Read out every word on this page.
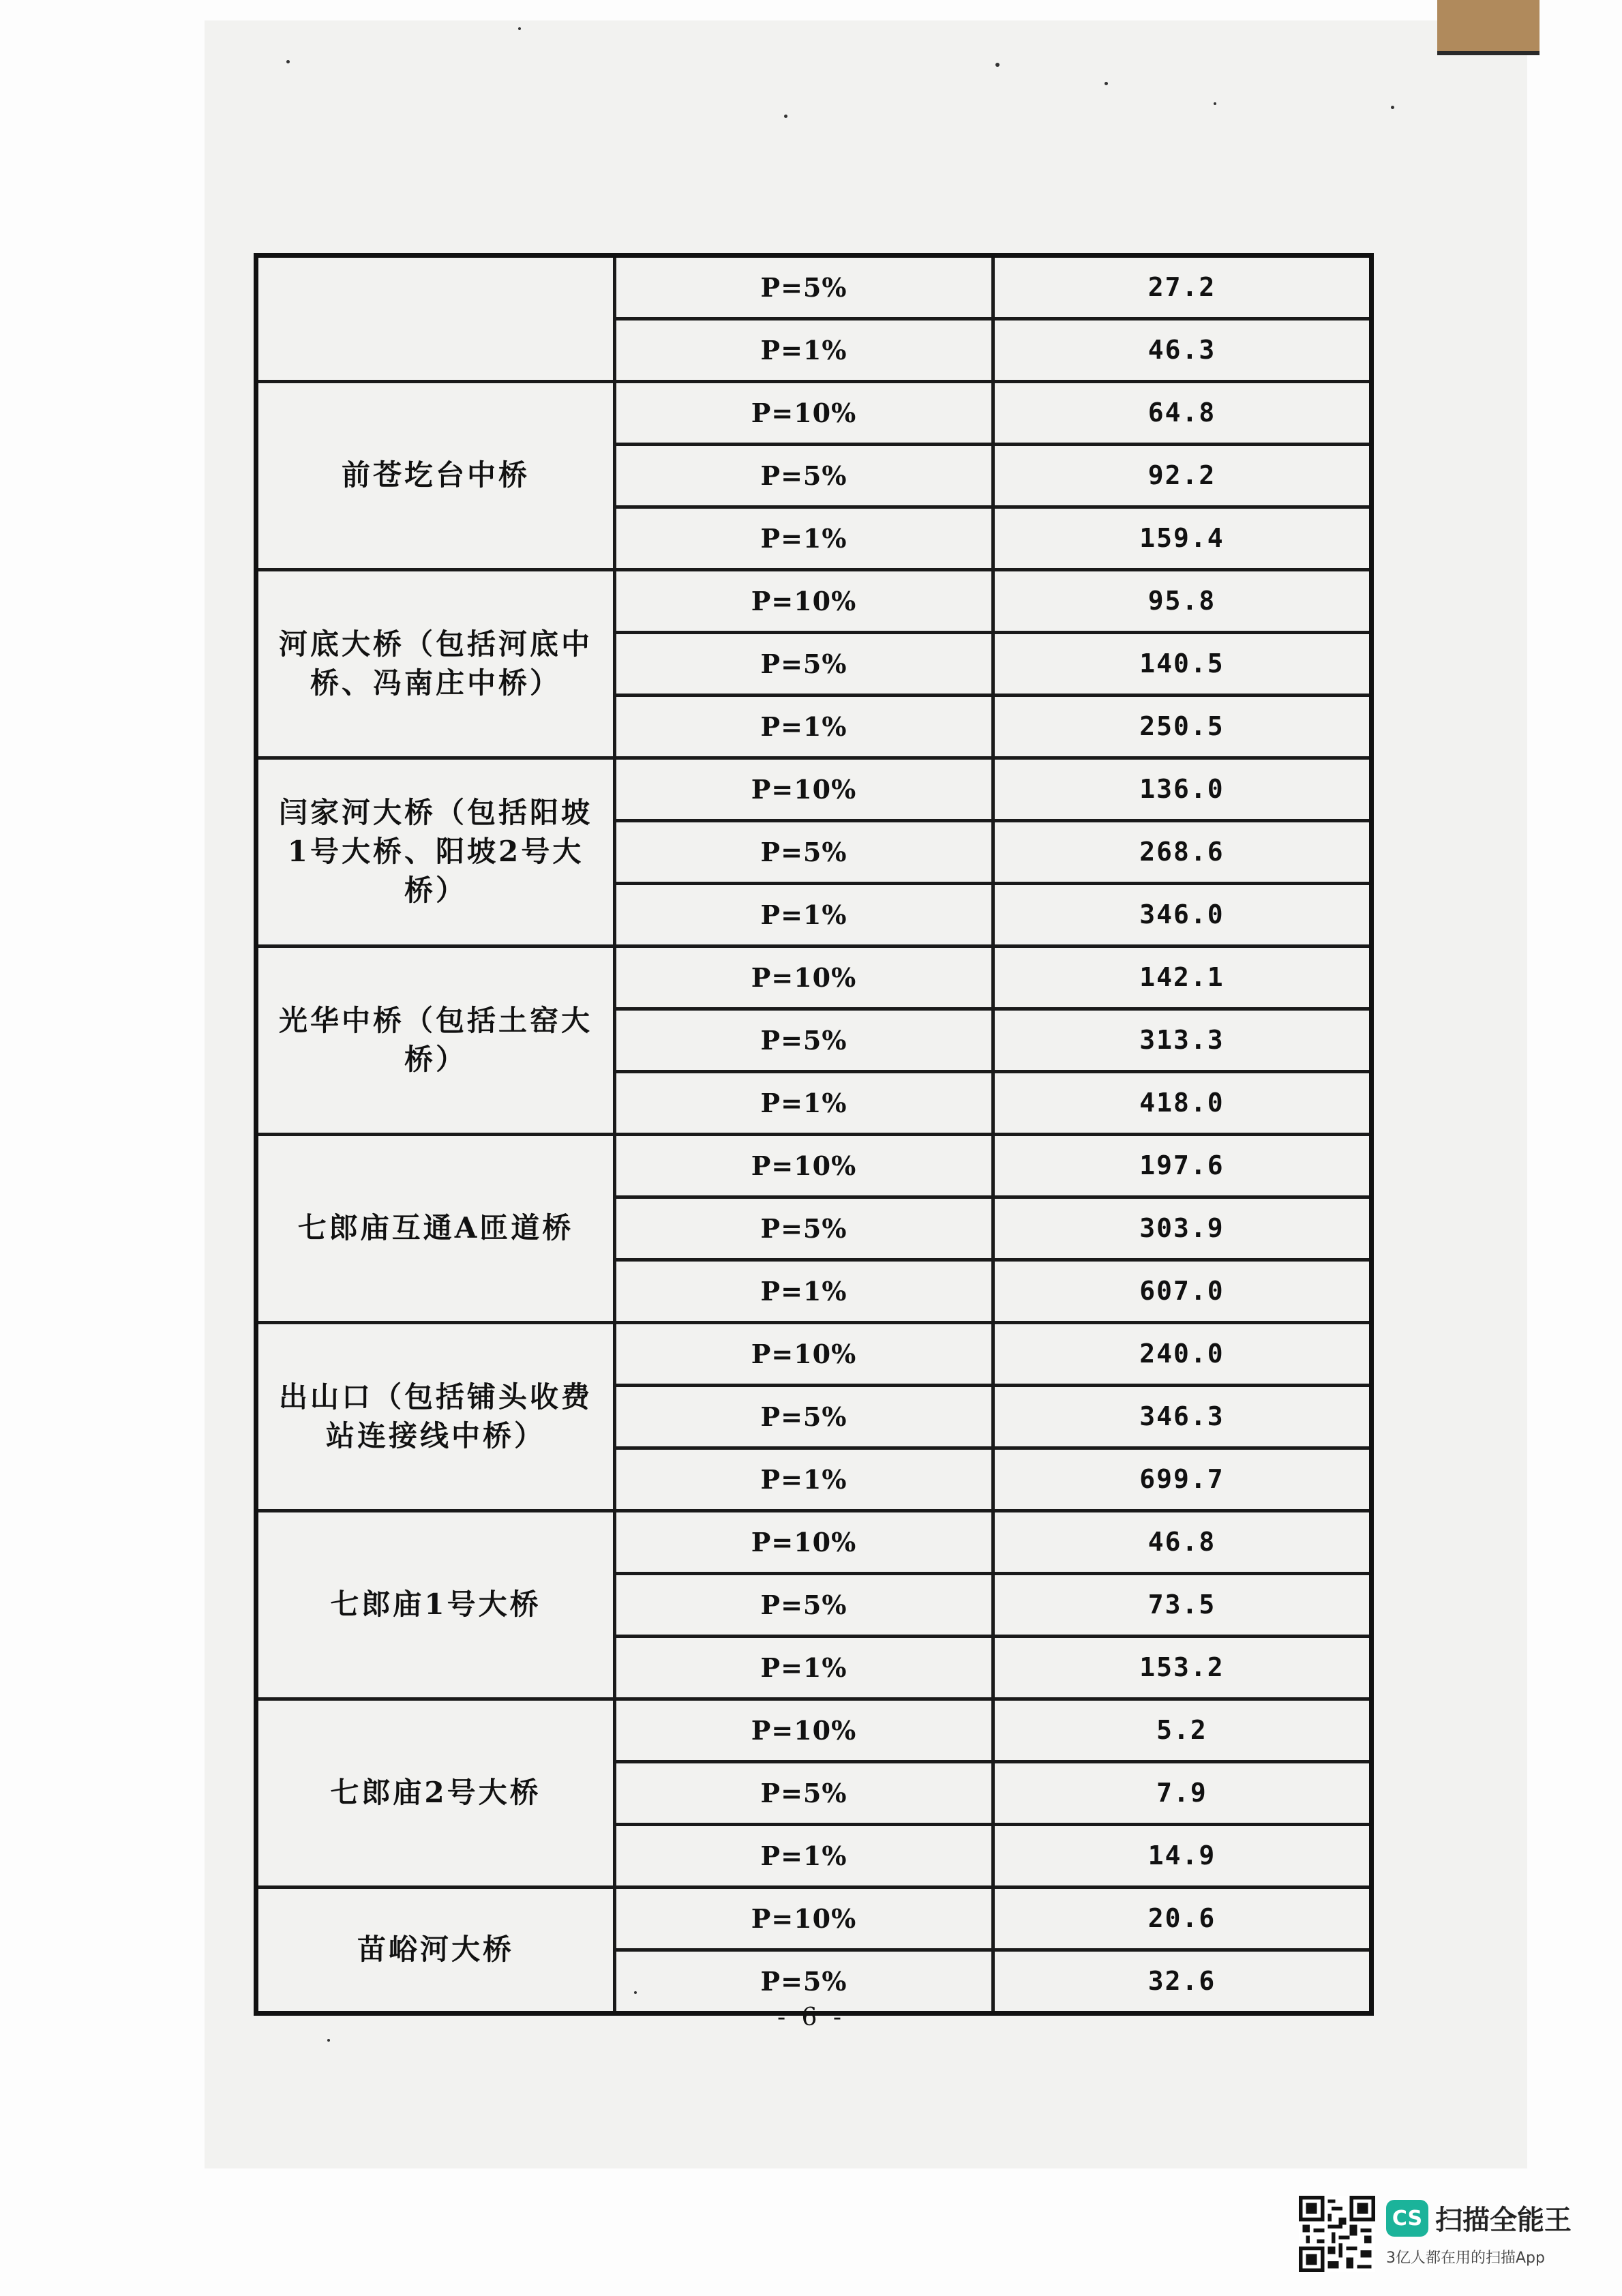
	P=5%	27.2
	P=1%	46.3
前苍圪台中桥	P=10%	64.8
	P=5%	92.2
	P=1%	159.4
河底大桥（包括河底中桥、冯南庄中桥）	P=10%	95.8
	P=5%	140.5
	P=1%	250.5
闫家河大桥（包括阳坡1号大桥、阳坡2号大桥）	P=10%	136.0
	P=5%	268.6
	P=1%	346.0
光华中桥（包括土窑大桥）	P=10%	142.1
	P=5%	313.3
	P=1%	418.0
七郎庙互通A匝道桥	P=10%	197.6
	P=5%	303.9
	P=1%	607.0
出山口（包括铺头收费站连接线中桥）	P=10%	240.0
	P=5%	346.3
	P=1%	699.7
七郎庙1号大桥	P=10%	46.8
	P=5%	73.5
	P=1%	153.2
七郎庙2号大桥	P=10%	5.2
	P=5%	7.9
	P=1%	14.9
苗峪河大桥	P=10%	20.6
	P=5%	32.6
- 6 -
CS 扫描全能王
3亿人都在用的扫描App
